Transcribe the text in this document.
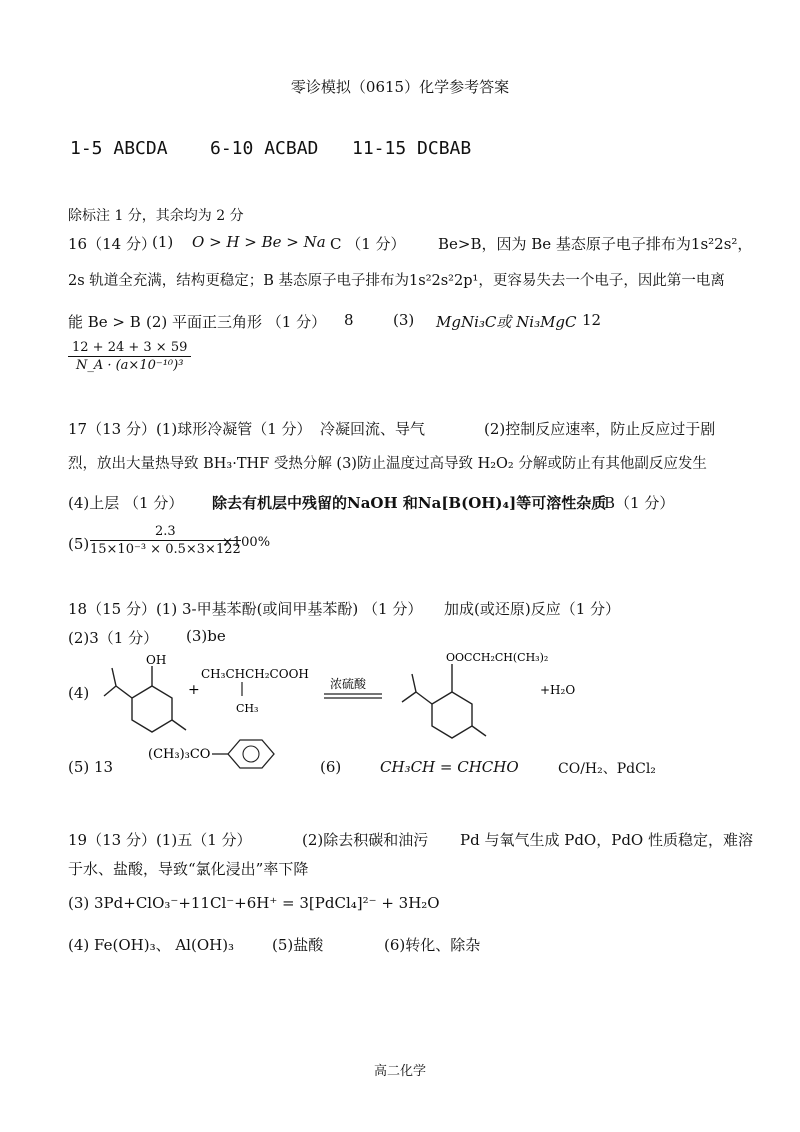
零诊模拟（0615）化学参考答案
1-5 ABCDA 6-10 ACBAD 11-15 DCBAB
除标注 1 分，其余均为 2 分
16（14 分）
(1) O > H > Be > Na C （1 分） Be>B，因为 Be 基态原子电子排布为1s²2s²，
2s 轨道全充满，结构更稳定；B 基态原子电子排布为1s²2s²2p¹，更容易失去一个电子，因此第一电离
能 Be > B (2) 平面正三角形 （1 分） 8	(3) MgNi₃C或 Ni₃MgC 12
$\frac{12 + 24 + 3 \times 59}{\text{N\_A · (a×10⁻¹⁰)³}}$
17（13 分）(1)球形冷凝管（1 分） 冷凝回流、导气	(2)控制反应速率，防止反应过于剧
烈，放出大量热导致 BH₃·THF 受热分解 (3)防止温度过高导致 H₂O₂ 分解或防止有其他副反应发生
(4)上层 （1 分） 除去有机层中残留的NaOH 和Na[B(OH)₄]等可溶性杂质
B（1 分）
$(5) \frac{2.3}{\text{15×10⁻³ × 0.5×3×122}}$
×100%
18（15 分）(1) 3-甲基苯酚(或间甲基苯酚) （1 分） 加成(或还原)反应（1 分）
(2)3（1 分） (3)be
(4)
OH
+
CH₃CHCH₂COOH
CH₃
浓硫酸
OOCCH₂CH(CH₃)₂
+H₂O
(5) 13
(CH₃)₃CO
(6)	CH₃CH = CHCHO	CO/H₂、PdCl₂
19（13 分）(1)五（1 分）	(2)除去积碳和油污 Pd 与氧气生成 PdO，PdO 性质稳定，难溶
于水、盐酸，导致“氯化浸出”率下降
(3) 3Pd+ClO₃⁻+11Cl⁻+6H⁺ = 3[PdCl₄]²⁻ + 3H₂O
(4) Fe(OH)₃、 Al(OH)₃	(5)盐酸	(6)转化、除杂
高二化学
